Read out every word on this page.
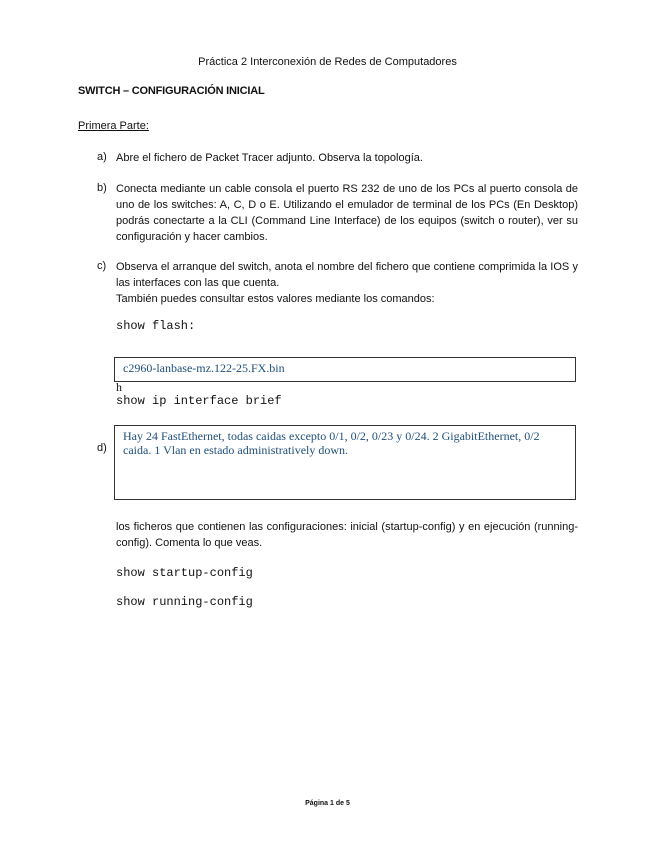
Práctica 2 Interconexión de Redes de Computadores
SWITCH – CONFIGURACIÓN INICIAL
Primera Parte:
a) Abre el fichero de Packet Tracer adjunto. Observa la topología.
b) Conecta mediante un cable consola el puerto RS 232 de uno de los PCs al puerto consola de uno de los switches: A, C, D o E. Utilizando el emulador de terminal de los PCs (En Desktop) podrás conectarte a la CLI (Command Line Interface) de los equipos (switch o router), ver su configuración y hacer cambios.
c) Observa el arranque del switch, anota el nombre del fichero que contiene comprimida la IOS y las interfaces con las que cuenta.
También puedes consultar estos valores mediante los comandos:
show flash:
c2960-lanbase-mz.122-25.FX.bin
h
show ip interface brief
Hay 24 FastEthernet, todas caidas excepto 0/1, 0/2, 0/23 y 0/24. 2 GigabitEthernet, 0/2 caida. 1 Vlan en estado administratively down.
d)
los ficheros que contienen las configuraciones: inicial (startup-config) y en ejecución (running-config). Comenta lo que veas.
show startup-config
show running-config
Página 1 de 5
